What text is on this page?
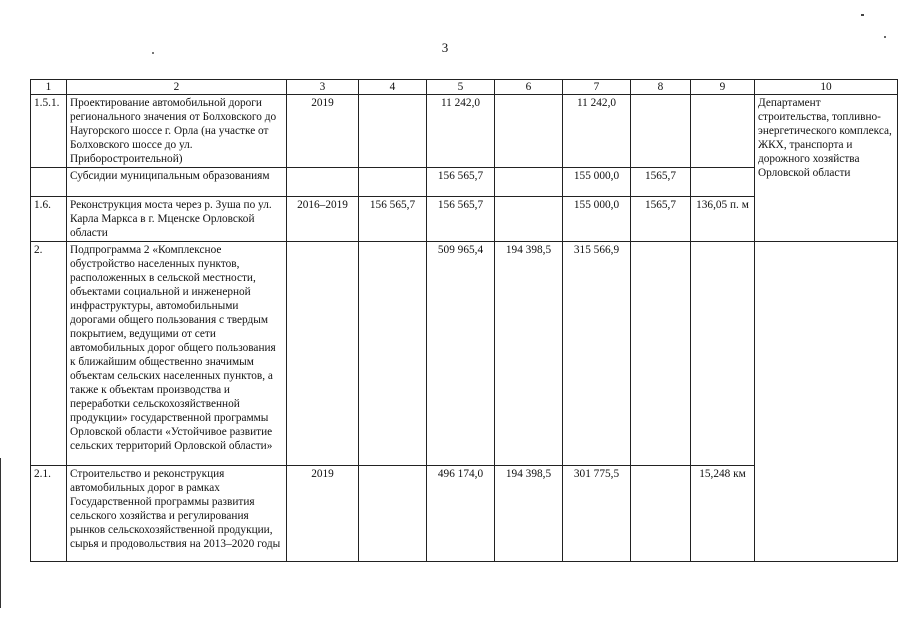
3
1	2	3	4	5	6	7	8	9	10
1.5.1.	Проектирование автомобильной дороги регионального значения от Болховского до Наугорского шоссе г. Орла (на участке от Болховского шоссе до ул. Приборостроительной)	2019		11 242,0		11 242,0			Департамент строительства, топливно-энергетического комплекса, ЖКХ, транспорта и дорожного хозяйства Орловской области
	Субсидии муниципальным образованиям			156 565,7		155 000,0	1565,7		
1.6.	Реконструкция моста через р. Зуша по ул. Карла Маркса в г. Мценске Орловской области	2016–2019	156 565,7	156 565,7		155 000,0	1565,7	136,05 п. м	
2.	Подпрограмма 2 «Комплексное обустройство населенных пунктов, расположенных в сельской местности, объектами социальной и инженерной инфраструктуры, автомобильными дорогами общего пользования с твердым покрытием, ведущими от сети автомобильных дорог общего пользования к ближайшим общественно значимым объектам сельских населенных пунктов, а также к объектам производства и переработки сельскохозяйственной продукции» государственной программы Орловской области «Устойчивое развитие сельских территорий Орловской области»			509 965,4	194 398,5	315 566,9			
2.1.	Строительство и реконструкция автомобильных дорог в рамках Государственной программы развития сельского хозяйства и регулирования рынков сельскохозяйственной продукции, сырья и продовольствия на 2013–2020 годы	2019		496 174,0	194 398,5	301 775,5		15,248 км	
